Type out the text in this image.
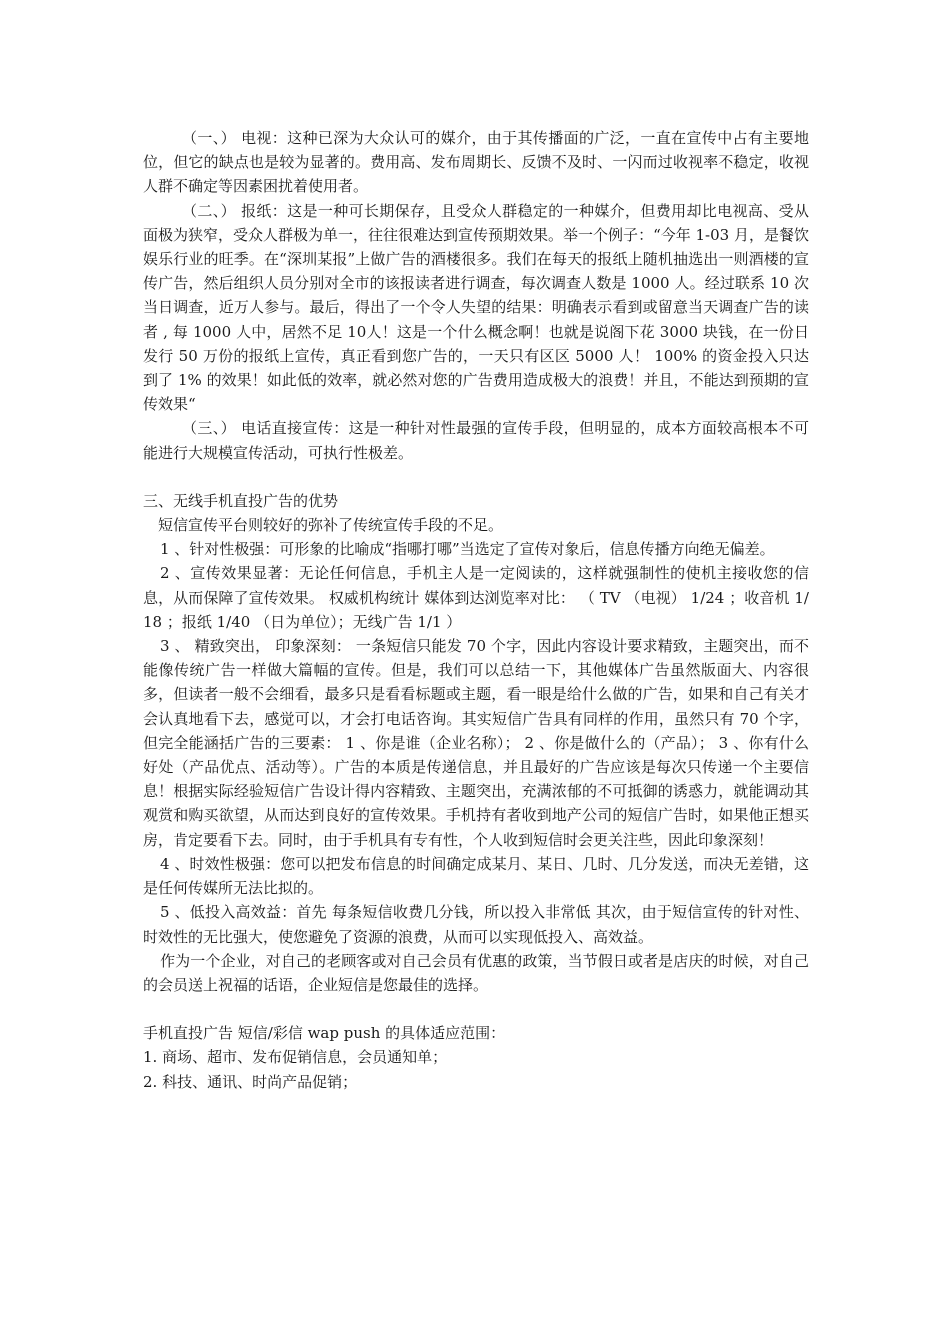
（一、） 电视：这种已深为大众认可的媒介，由于其传播面的广泛，一直在宣传中占有主要地位，但它的缺点也是较为显著的。费用高、发布周期长、反馈不及时、一闪而过收视率不稳定，收视人群不确定等因素困扰着使用者。

（二、） 报纸：这是一种可长期保存，且受众人群稳定的一种媒介，但费用却比电视高、受从面极为狭窄，受众人群极为单一，往往很难达到宣传预期效果。举一个例子：“今年 1-03 月，是餐饮娱乐行业的旺季。在“深圳某报”上做广告的酒楼很多。我们在每天的报纸上随机抽选出一则酒楼的宣传广告，然后组织人员分别对全市的该报读者进行调查，每次调查人数是 1000 人。经过联系 10 次当日调查，近万人参与。最后，得出了一个令人失望的结果：明确表示看到或留意当天调查广告的读者 , 每 1000 人中，居然不足 10人！这是一个什么概念啊！也就是说阁下花 3000 块钱，在一份日发行 50 万份的报纸上宣传，真正看到您广告的，一天只有区区 5000 人！ 100% 的资金投入只达到了 1% 的效果！如此低的效率，就必然对您的广告费用造成极大的浪费！并且，不能达到预期的宣传效果“

（三、） 电话直接宣传：这是一种针对性最强的宣传手段，但明显的，成本方面较高根本不可能进行大规模宣传活动，可执行性极差。

三、无线手机直投广告的优势

短信宣传平台则较好的弥补了传统宣传手段的不足。

1 、针对性极强：可形象的比喻成“指哪打哪”当选定了宣传对象后，信息传播方向绝无偏差。

2 、宣传效果显著：无论任何信息，手机主人是一定阅读的，这样就强制性的使机主接收您的信息，从而保障了宣传效果。 权威机构统计 媒体到达浏览率对比： （ TV （电视） 1/24 ；收音机 1/18 ；报纸 1/40 （日为单位）；无线广告 1/1 ）

3 、 精致突出， 印象深刻： 一条短信只能发 70 个字，因此内容设计要求精致，主题突出，而不能像传统广告一样做大篇幅的宣传。但是，我们可以总结一下，其他媒体广告虽然版面大、内容很多，但读者一般不会细看，最多只是看看标题或主题，看一眼是给什么做的广告，如果和自己有关才会认真地看下去，感觉可以，才会打电话咨询。其实短信广告具有同样的作用，虽然只有 70 个字，但完全能涵括广告的三要素： 1 、你是谁（企业名称）； 2 、你是做什么的（产品）； 3 、你有什么好处（产品优点、活动等）。广告的本质是传递信息，并且最好的广告应该是每次只传递一个主要信息！根据实际经验短信广告设计得内容精致、主题突出，充满浓郁的不可抵御的诱惑力，就能调动其观赏和购买欲望，从而达到良好的宣传效果。手机持有者收到地产公司的短信广告时，如果他正想买房，肯定要看下去。同时，由于手机具有专有性，个人收到短信时会更关注些，因此印象深刻！

4 、时效性极强：您可以把发布信息的时间确定成某月、某日、几时、几分发送，而决无差错，这是任何传媒所无法比拟的。

5 、低投入高效益：首先 每条短信收费几分钱，所以投入非常低 其次，由于短信宣传的针对性、时效性的无比强大，使您避免了资源的浪费，从而可以实现低投入、高效益。

作为一个企业，对自己的老顾客或对自己会员有优惠的政策，当节假日或者是店庆的时候，对自己的会员送上祝福的话语，企业短信是您最佳的选择。

手机直投广告 短信/彩信 wap push 的具体适应范围：

1. 商场、超市、发布促销信息，会员通知单；

2. 科技、通讯、时尚产品促销；
